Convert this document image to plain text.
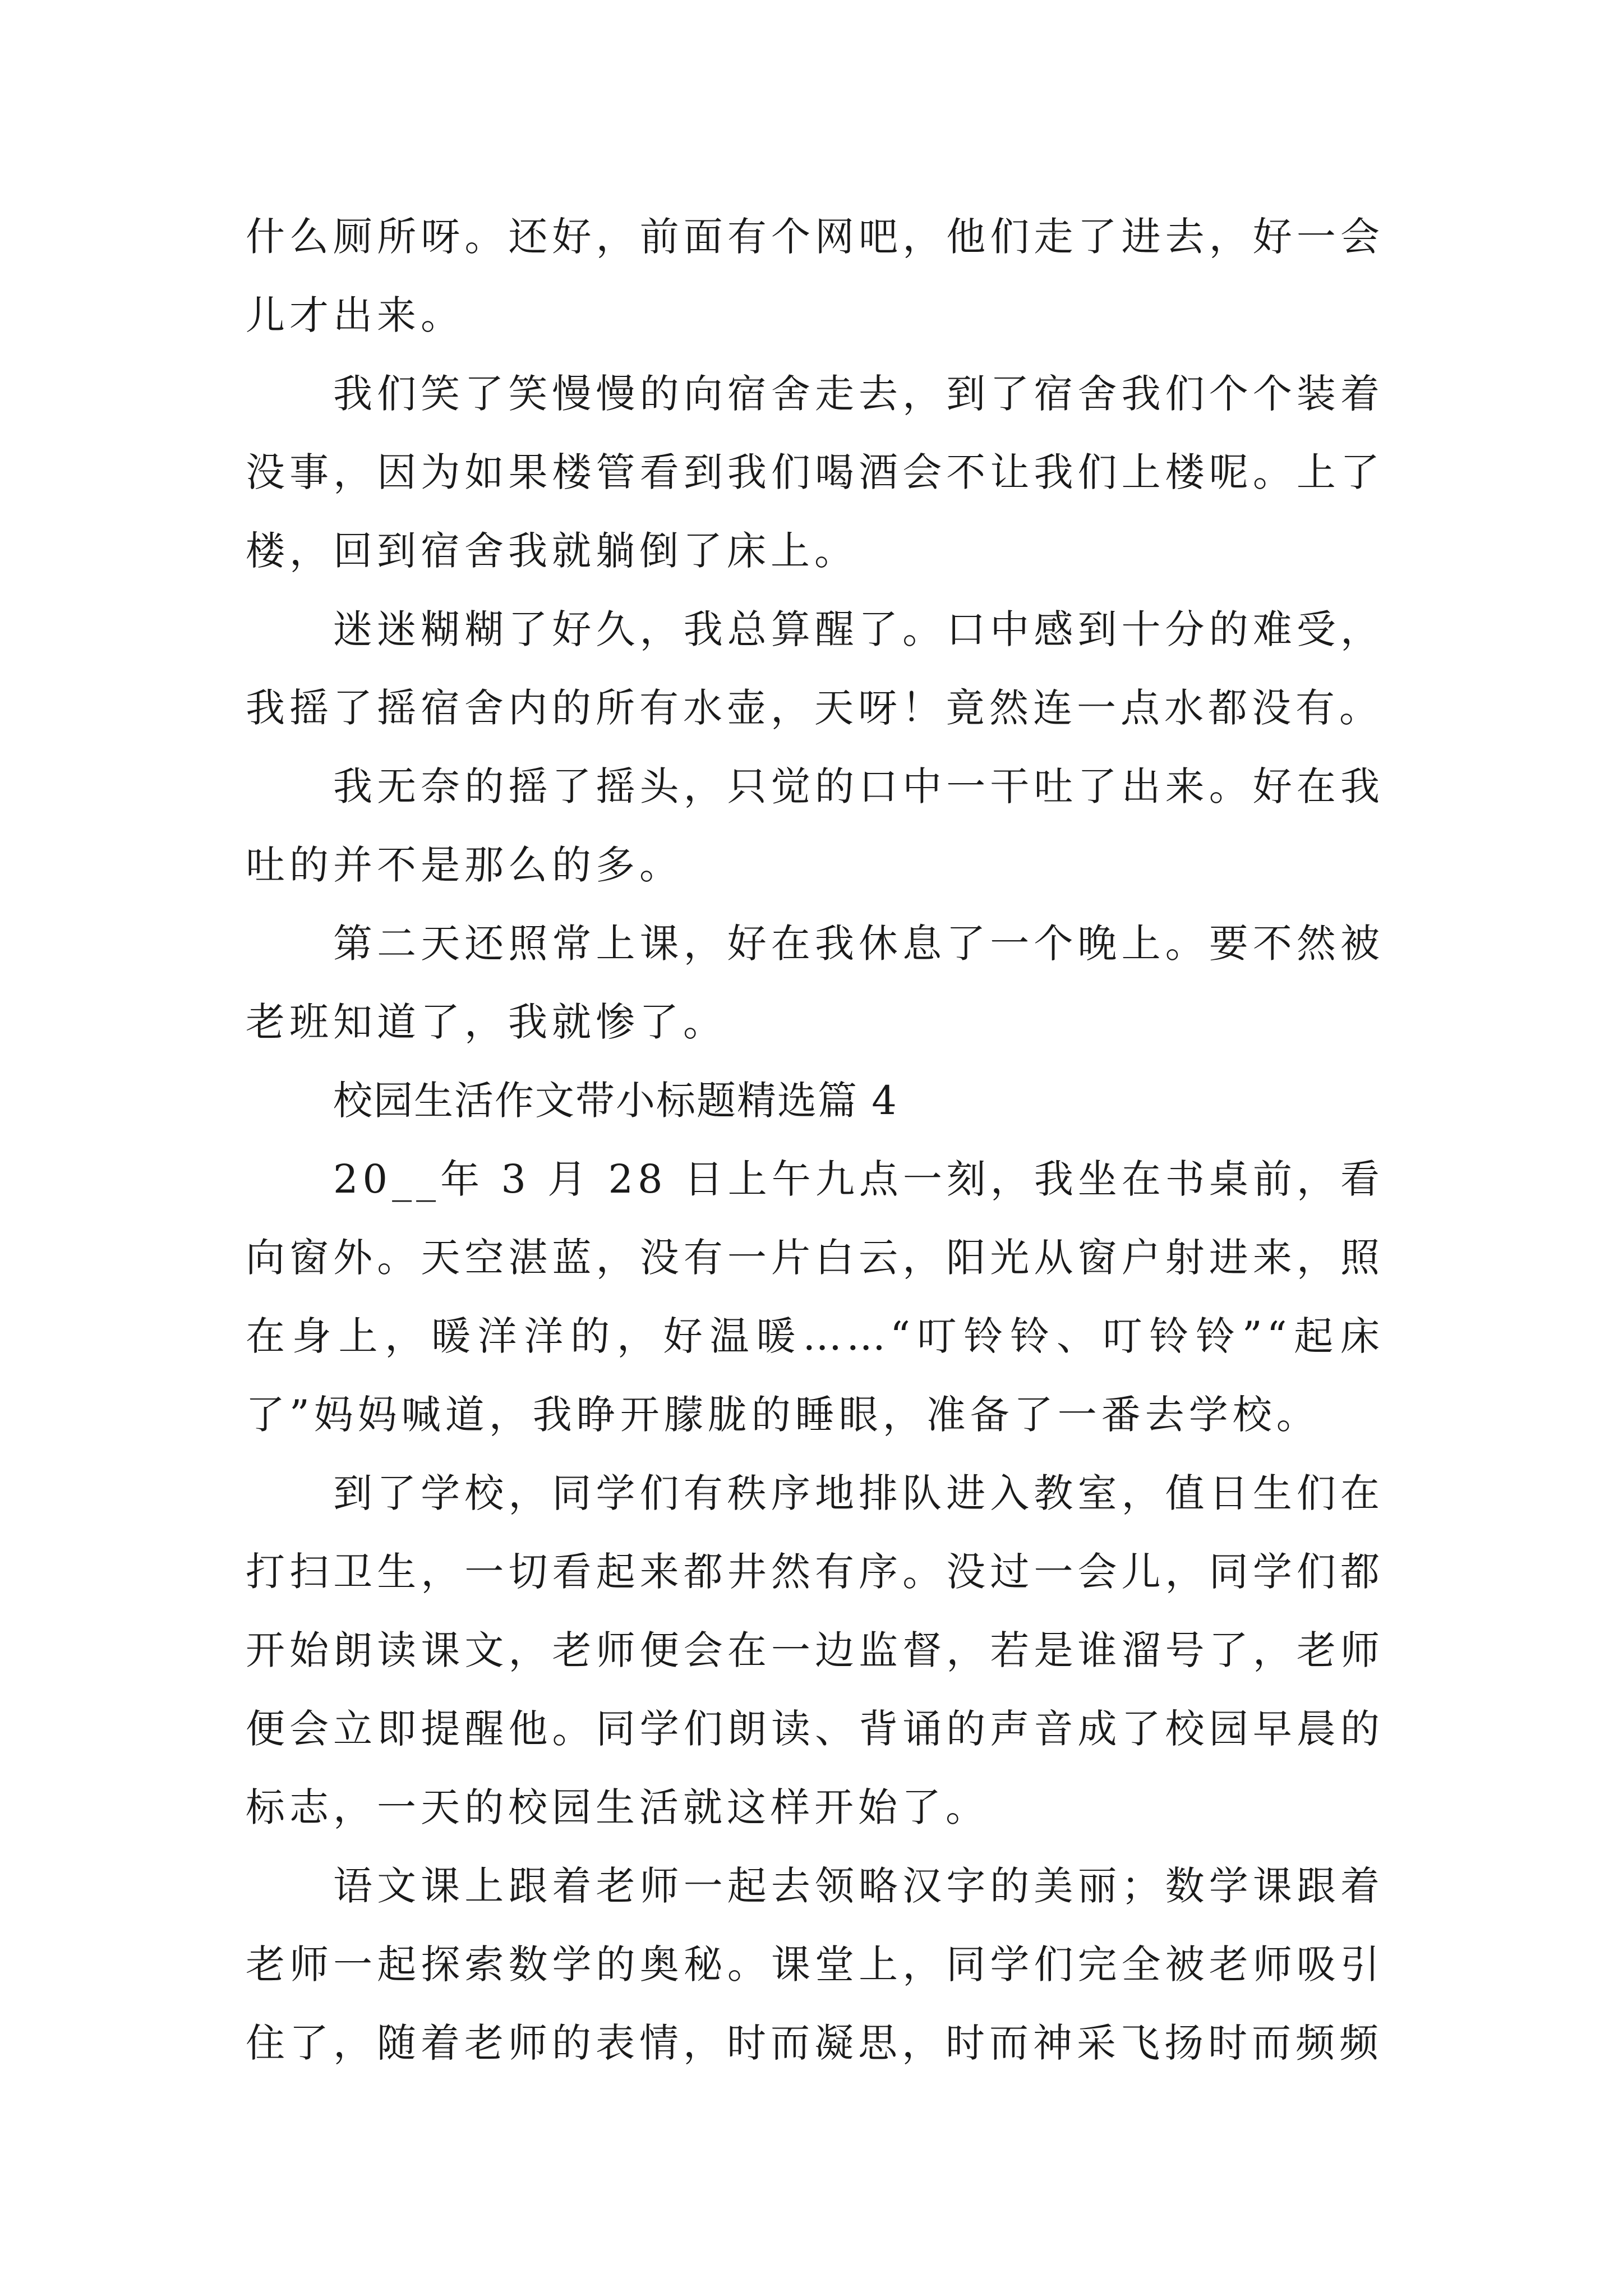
什么厕所呀。还好，前面有个网吧，他们走了进去，好一会儿才出来。

我们笑了笑慢慢的向宿舍走去，到了宿舍我们个个装着没事，因为如果楼管看到我们喝酒会不让我们上楼呢。上了楼，回到宿舍我就躺倒了床上。

迷迷糊糊了好久，我总算醒了。口中感到十分的难受，我摇了摇宿舍内的所有水壶，天呀！竟然连一点水都没有。

我无奈的摇了摇头，只觉的口中一干吐了出来。好在我吐的并不是那么的多。

第二天还照常上课，好在我休息了一个晚上。要不然被老班知道了，我就惨了。

校园生活作文带小标题精选篇 4

20__年 3 月 28 日上午九点一刻，我坐在书桌前，看向窗外。天空湛蓝，没有一片白云，阳光从窗户射进来，照在身上，暖洋洋的，好温暖……“叮铃铃、叮铃铃”“起床了”妈妈喊道，我睁开朦胧的睡眼，准备了一番去学校。

到了学校，同学们有秩序地排队进入教室，值日生们在打扫卫生，一切看起来都井然有序。没过一会儿，同学们都开始朗读课文，老师便会在一边监督，若是谁溜号了，老师便会立即提醒他。同学们朗读、背诵的声音成了校园早晨的标志，一天的校园生活就这样开始了。

语文课上跟着老师一起去领略汉字的美丽；数学课跟着老师一起探索数学的奥秘。课堂上，同学们完全被老师吸引住了，随着老师的表情，时而凝思，时而神采飞扬时而频频
